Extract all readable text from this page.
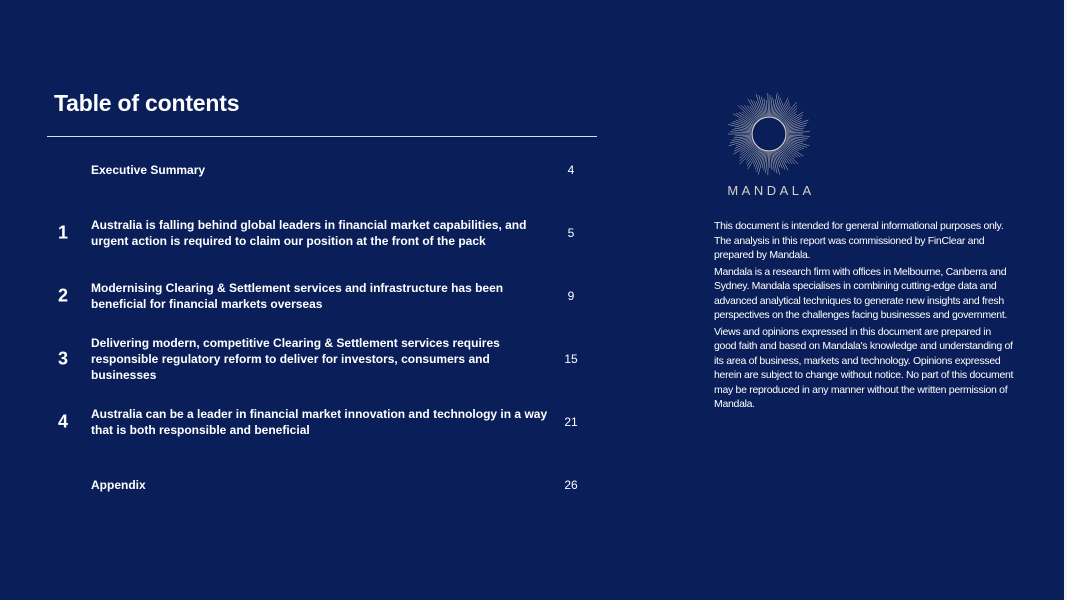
Table of contents
Executive Summary	4
1 Australia is falling behind global leaders in financial market capabilities, and urgent action is required to claim our position at the front of the pack
5
2 Modernising Clearing & Settlement services and infrastructure has been beneficial for financial markets overseas
9
3
Delivering modern, competitive Clearing & Settlement services requires responsible regulatory reform to deliver for investors, consumers and businesses
15
4 Australia can be a leader in financial market innovation and technology in a way that is both responsible and beneficial
21
Appendix	26
MANDALA

This document is intended for general informational purposes only. The analysis in this report was commissioned by FinClear and prepared by Mandala.

Mandala is a research firm with offices in Melbourne, Canberra and Sydney. Mandala specialises in combining cutting-edge data and advanced analytical techniques to generate new insights and fresh perspectives on the challenges facing businesses and government.

Views and opinions expressed in this document are prepared in good faith and based on Mandala's knowledge and understanding of its area of business, markets and technology. Opinions expressed herein are subject to change without notice. No part of this document may be reproduced in any manner without the written permission of Mandala.
